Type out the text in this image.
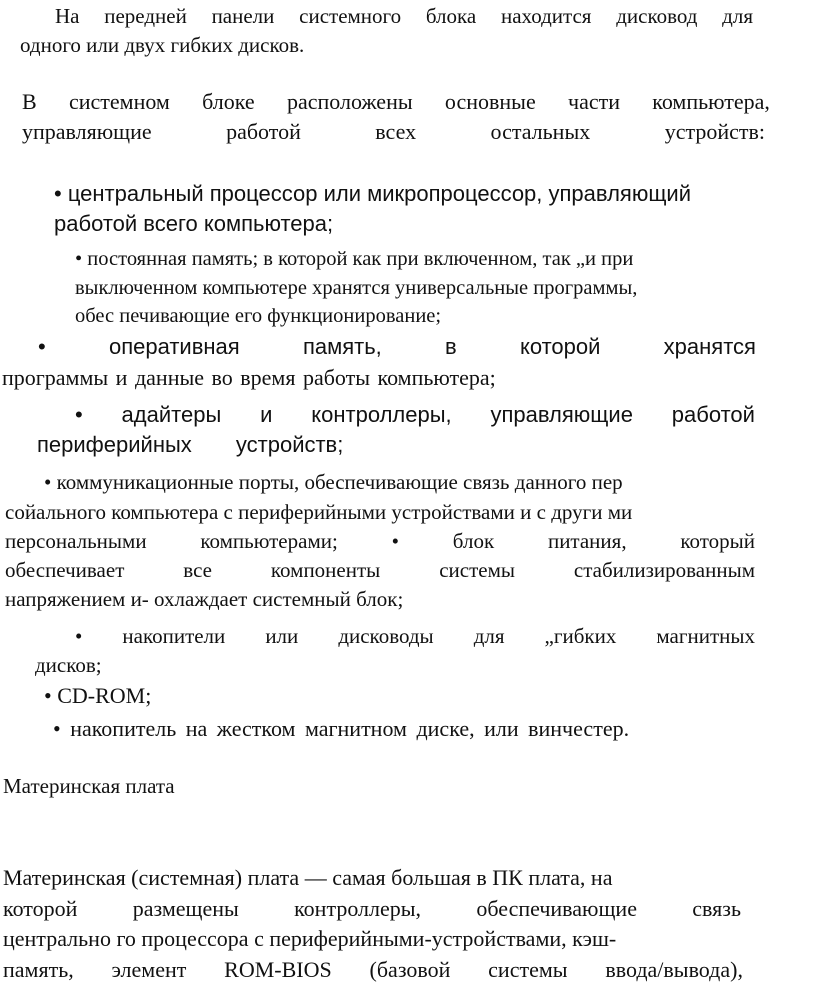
На передней панели системного блока находится дисковод для
одного или двух гибких дисков.
В системном блоке расположены основные части компьютера,
управляющие	работой	всех	остальных	устройств:
• центральный процессор или микропроцессор, управляющий
работой всего компьютера;
• постоянная память; в которой как при включенном, так „и при
выключенном компьютере хранятся универсальные программы,
обес печивающие его функционирование;
•	оперативная	память,	в	которой	хранятся
программы и данные во время работы компьютера;
• адайтеры и контроллеры, управляющие работой
периферийных устройств;
• коммуникационные порты, обеспечивающие связь данного пер
сойального компьютера с периферийными устройствами и с други ми
персональными	компьютерами;	•	блок	питания,	который
обеспечивает	все	компоненты	системы	стабилизированным
напряжением и- охлаждает системный блок;
• накопители или дисководы для „гибких магнитных
дисков;
• CD-ROM;
• накопитель на жестком магнитном диске, или винчестер.
Материнская плата
Материнская (системная) плата — самая большая в ПК плата, на
которой	размещены	контроллеры,	обеспечивающие	связь
центрально го процессора с периферийными-устройствами, кэш-
память, элемент ROM-BIOS (базовой системы ввода/вывода),
